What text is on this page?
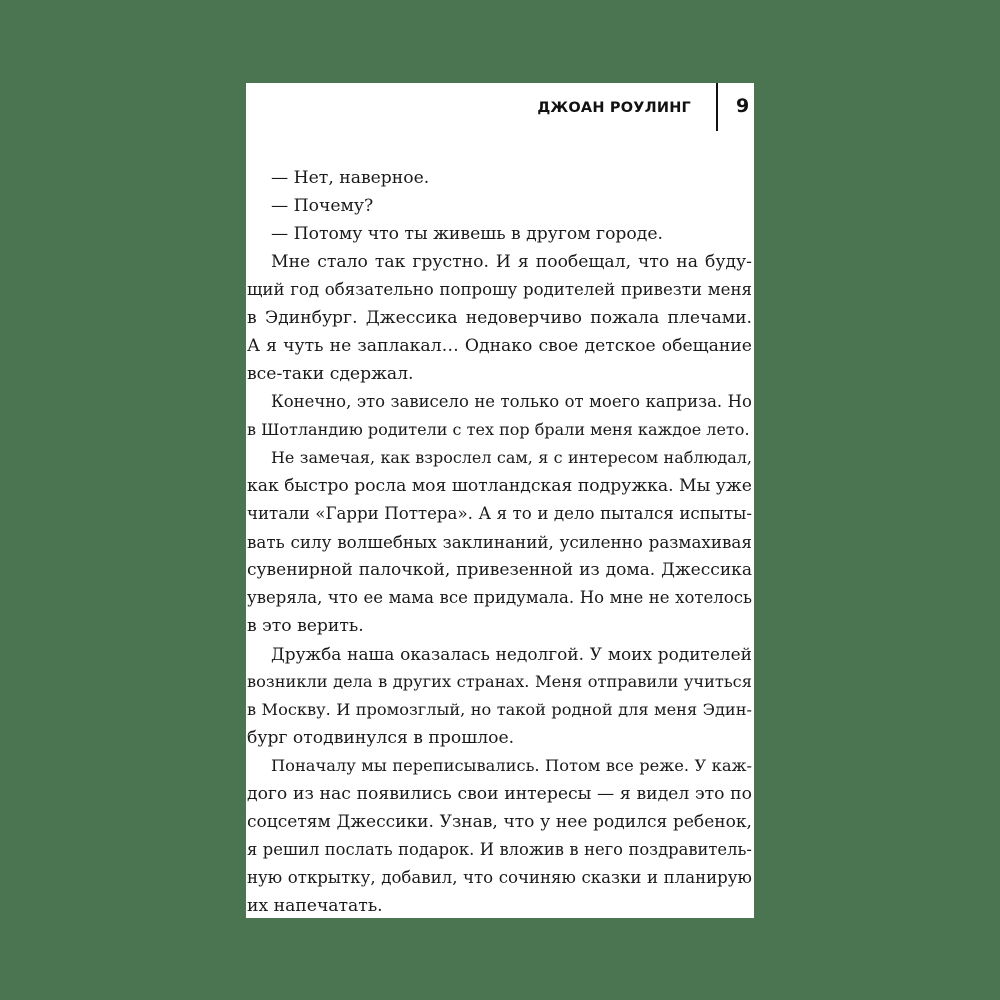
ДЖОАН РОУЛИНГ 9
— Нет, наверное.
— Почему?
— Потому что ты живешь в другом городе.
Мне стало так грустно. И я пообещал, что на буду-
щий год обязательно попрошу родителей привезти меня
в Эдинбург. Джессика недоверчиво пожала плечами.
А я чуть не заплакал… Однако свое детское обещание
все-таки сдержал.
Конечно, это зависело не только от моего каприза. Но
в Шотландию родители с тех пор брали меня каждое лето.
Не замечая, как взрослел сам, я с интересом наблюдал,
как быстро росла моя шотландская подружка. Мы уже
читали «Гарри Поттера». А я то и дело пытался испыты-
вать силу волшебных заклинаний, усиленно размахивая
сувенирной палочкой, привезенной из дома. Джессика
уверяла, что ее мама все придумала. Но мне не хотелось
в это верить.
Дружба наша оказалась недолгой. У моих родителей
возникли дела в других странах. Меня отправили учиться
в Москву. И промозглый, но такой родной для меня Эдин-
бург отодвинулся в прошлое.
Поначалу мы переписывались. Потом все реже. У каж-
дого из нас появились свои интересы — я видел это по
соцсетям Джессики. Узнав, что у нее родился ребенок,
я решил послать подарок. И вложив в него поздравитель-
ную открытку, добавил, что сочиняю сказки и планирую
их напечатать.
